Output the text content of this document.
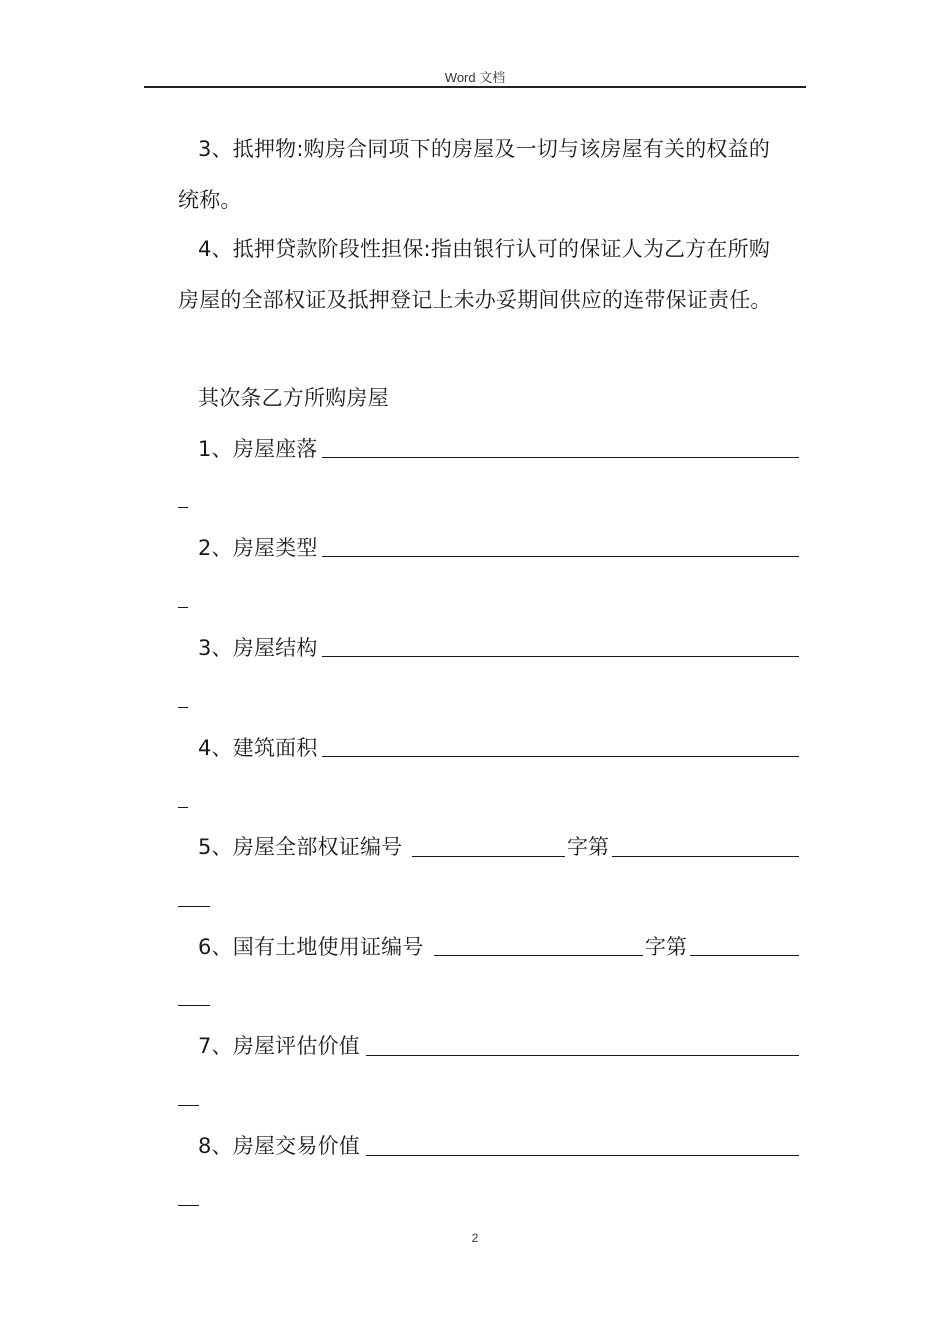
Word 文档
3、抵押物:购房合同项下的房屋及一切与该房屋有关的权益的
统称。
4、抵押贷款阶段性担保:指由银行认可的保证人为乙方在所购
房屋的全部权证及抵押登记上未办妥期间供应的连带保证责任。
其次条乙方所购房屋
1、房屋座落
2、房屋类型
3、房屋结构
4、建筑面积
5、房屋全部权证编号	字第
6、国有土地使用证编号	字第
7、房屋评估价值
8、房屋交易价值
2
